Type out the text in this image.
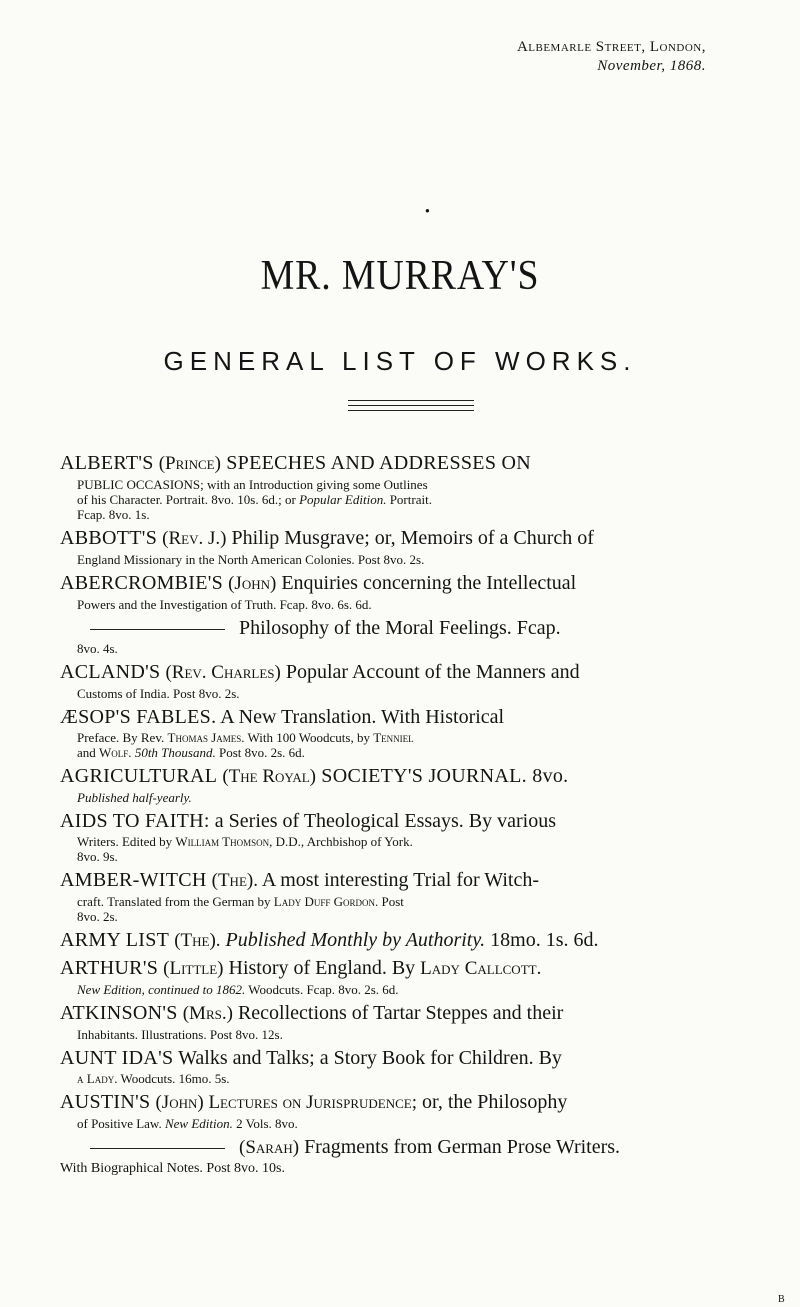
Albemarle Street, London,
November, 1868.
●
MR. MURRAY'S
GENERAL LIST OF WORKS.
ALBERT'S (Prince) SPEECHES AND ADDRESSES ON
PUBLIC OCCASIONS; with an Introduction giving some Outlines
of his Character. Portrait. 8vo. 10s. 6d.; or Popular Edition. Portrait.
Fcap. 8vo. 1s.
ABBOTT'S (Rev. J.) Philip Musgrave; or, Memoirs of a Church of
England Missionary in the North American Colonies. Post 8vo. 2s.
ABERCROMBIE'S (John) Enquiries concerning the Intellectual
Powers and the Investigation of Truth. Fcap. 8vo. 6s. 6d.
Philosophy of the Moral Feelings. Fcap.
8vo. 4s.
ACLAND'S (Rev. Charles) Popular Account of the Manners and
Customs of India. Post 8vo. 2s.
ÆSOP'S FABLES. A New Translation. With Historical
Preface. By Rev. Thomas James. With 100 Woodcuts, by Tenniel
and Wolf. 50th Thousand. Post 8vo. 2s. 6d.
AGRICULTURAL (The Royal) SOCIETY'S JOURNAL. 8vo.
Published half-yearly.
AIDS TO FAITH: a Series of Theological Essays. By various
Writers. Edited by William Thomson, D.D., Archbishop of York.
8vo. 9s.
AMBER-WITCH (The). A most interesting Trial for Witch-
craft. Translated from the German by Lady Duff Gordon. Post
8vo. 2s.
ARMY LIST (The). Published Monthly by Authority. 18mo. 1s. 6d.
ARTHUR'S (Little) History of England. By Lady Callcott.
New Edition, continued to 1862. Woodcuts. Fcap. 8vo. 2s. 6d.
ATKINSON'S (Mrs.) Recollections of Tartar Steppes and their
Inhabitants. Illustrations. Post 8vo. 12s.
AUNT IDA'S Walks and Talks; a Story Book for Children. By
a Lady. Woodcuts. 16mo. 5s.
AUSTIN'S (John) Lectures on Jurisprudence; or, the Philosophy
of Positive Law. New Edition. 2 Vols. 8vo.
(Sarah) Fragments from German Prose Writers.
With Biographical Notes. Post 8vo. 10s.
B
